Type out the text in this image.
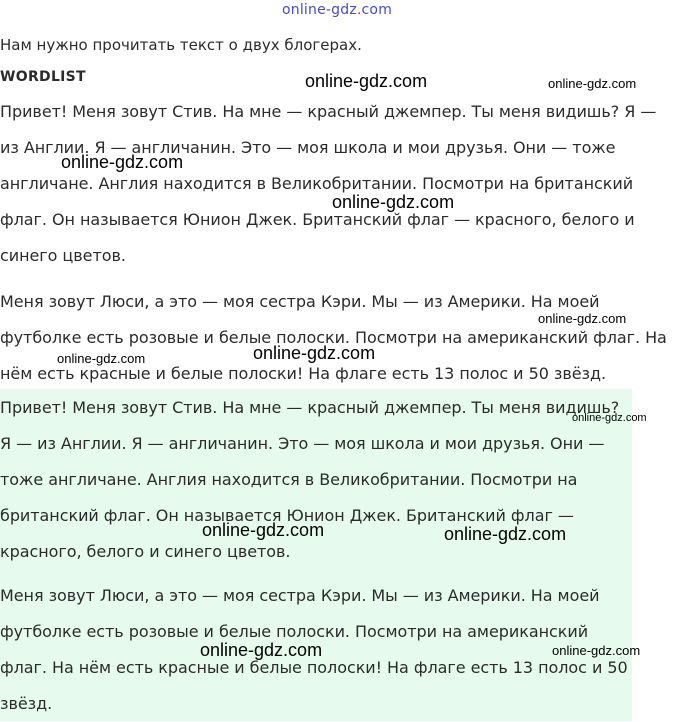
online-gdz.com
Нам нужно прочитать текст о двух блогерах.
WORDLIST

Привет! Меня зовут Стив. На мне — красный джемпер. Ты меня видишь? Я — из Англии. Я — англичанин. Это — моя школа и мои друзья. Они — тоже англичане. Англия находится в Великобритании. Посмотри на британский флаг. Он называется Юнион Джек. Британский флаг — красного, белого и синего цветов.

Меня зовут Люси, а это — моя сестра Кэри. Мы — из Америки. На моей футболке есть розовые и белые полоски. Посмотри на американский флаг. На нём есть красные и белые полоски! На флаге есть 13 полос и 50 звёзд.

Привет! Меня зовут Стив. На мне — красный джемпер. Ты меня видишь? Я — из Англии. Я — англичанин. Это — моя школа и мои друзья. Они — тоже англичане. Англия находится в Великобритании. Посмотри на британский флаг. Он называется Юнион Джек. Британский флаг — красного, белого и синего цветов.

Меня зовут Люси, а это — моя сестра Кэри. Мы — из Америки. На моей футболке есть розовые и белые полоски. Посмотри на американский флаг. На нём есть красные и белые полоски! На флаге есть 13 полос и 50 звёзд.

online-gdz.com	online-gdz.com
online-gdz.com
online-gdz.com
online-gdz.com
online-gdz.com
online-gdz.com
online-gdz.com
online-gdz.com	online-gdz.com
online-gdz.com	online-gdz.com
